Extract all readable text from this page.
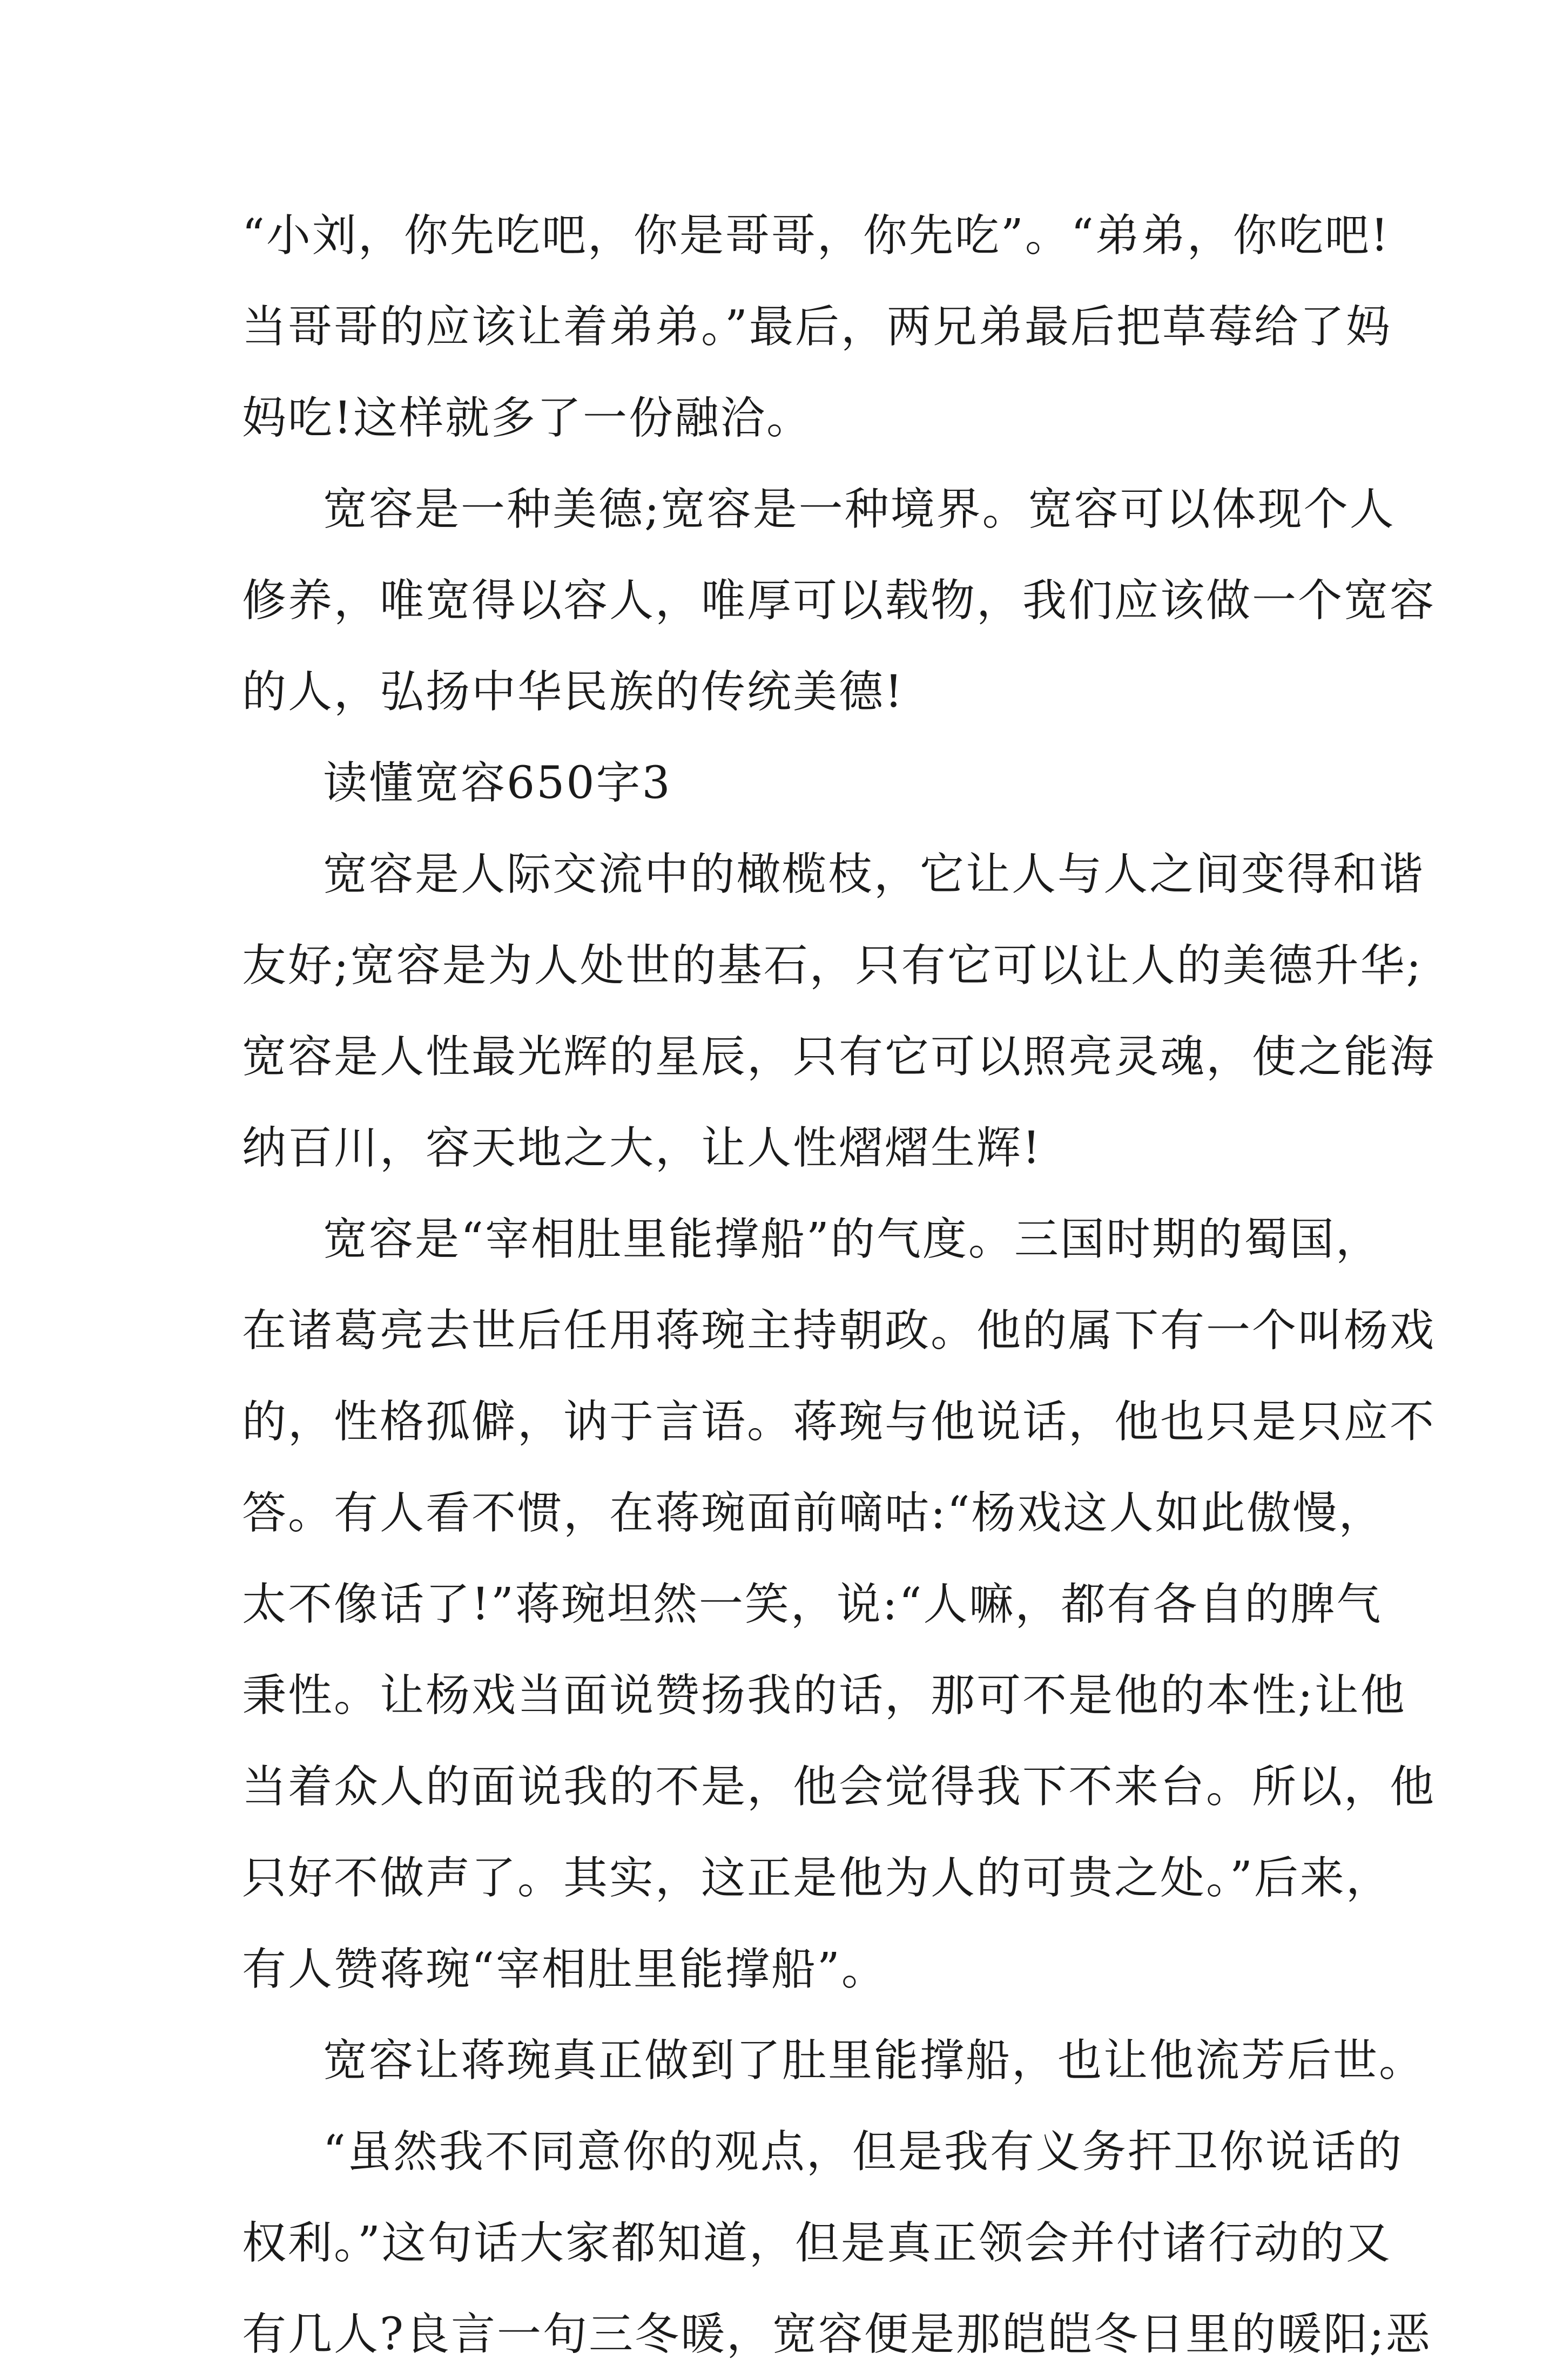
“小刘，你先吃吧，你是哥哥，你先吃”。“弟弟，你吃吧!
当哥哥的应该让着弟弟。”最后，两兄弟最后把草莓给了妈
妈吃!这样就多了一份融洽。
宽容是一种美德;宽容是一种境界。宽容可以体现个人
修养，唯宽得以容人，唯厚可以载物，我们应该做一个宽容
的人，弘扬中华民族的传统美德!
读懂宽容650字3
宽容是人际交流中的橄榄枝，它让人与人之间变得和谐
友好;宽容是为人处世的基石，只有它可以让人的美德升华;
宽容是人性最光辉的星辰，只有它可以照亮灵魂，使之能海
纳百川，容天地之大，让人性熠熠生辉!
宽容是“宰相肚里能撑船”的气度。三国时期的蜀国，
在诸葛亮去世后任用蒋琬主持朝政。他的属下有一个叫杨戏
的，性格孤僻，讷于言语。蒋琬与他说话，他也只是只应不
答。有人看不惯，在蒋琬面前嘀咕:“杨戏这人如此傲慢，
太不像话了!”蒋琬坦然一笑，说:“人嘛，都有各自的脾气
秉性。让杨戏当面说赞扬我的话，那可不是他的本性;让他
当着众人的面说我的不是，他会觉得我下不来台。所以，他
只好不做声了。其实，这正是他为人的可贵之处。”后来，
有人赞蒋琬“宰相肚里能撑船”。
宽容让蒋琬真正做到了肚里能撑船，也让他流芳后世。
“虽然我不同意你的观点，但是我有义务扞卫你说话的
权利。”这句话大家都知道，但是真正领会并付诸行动的又
有几人?良言一句三冬暖，宽容便是那皑皑冬日里的暖阳;恶
